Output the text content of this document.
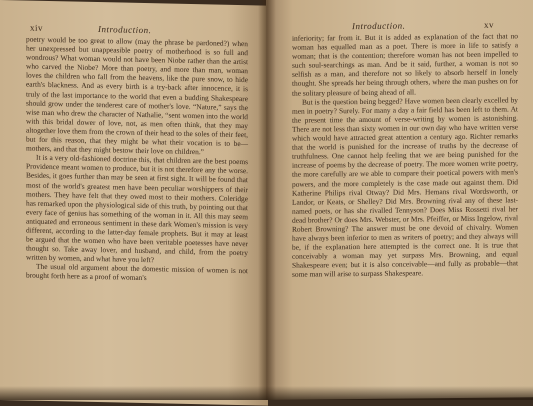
xiv	Introduction.

poetry would be too great to allow (may the phrase be pardoned?) when her unexpressed but unappeasible poetry of motherhood is so full and wondrous? What woman would not have been Niobe rather than the artist who carved the Niobe? More than poetry, and more than man, woman loves the children who fall from the heavens, like the pure snow, to hide earth's blackness. And as every birth is a try-back after innocence, it is truly of the last importance to the world that even a budding Shakespeare should grow under the tenderest care of mother's love. “Nature,” says the wise man who drew the character of Nathalie, “sent women into the world with this bridal dower of love, not, as men often think, that they may altogether love them from the crown of their head to the soles of their feet, but for this reason, that they might be what their vocation is to be—mothers, and that they might bestow their love on children.”

It is a very old-fashioned doctrine this, that children are the best poems Providence meant women to produce, but it is not therefore any the worse. Besides, it goes further than may be seen at first sight. It will be found that most of the world's greatest men have been peculiar worshippers of their mothers. They have felt that they owed most to their mothers. Coleridge has remarked upon the physiological side of this truth, by pointing out that every face of genius has something of the woman in it. All this may seem antiquated and erroneous sentiment in these dark Women's mission is very different, according to the latter-day female prophets. But it may at least be argued that the women who have been veritable poetesses have never thought so. Take away lover, and husband, and child, from the poetry written by women, and what have you left?

The usual old argument about the domestic mission of women is not brought forth here as a proof of woman's

Introduction.	xv

inferiority; far from it. But it is added as explanation of the fact that no woman has equalled man as a poet. There is more in life to satisfy a woman; that is the contention; therefore woman has not been impelled to such soul-searchings as man. And be it said, further, a woman is not so selfish as a man, and therefore not so likely to absorb herself in lonely thought. She spreads her being through others, where the man pushes on for the solitary pleasure of being ahead of all.

But is the question being begged? Have women been clearly excelled by men in poetry? Surely. For many a day a fair field has been left to them. At the present time the amount of verse-writing by women is astonishing. There are not less than sixty women in our own day who have written verse which would have attracted great attention a century ago. Richter remarks that the world is punished for the increase of truths by the decrease of truthfulness. One cannot help feeling that we are being punished for the increase of poems by the decrease of poetry. The more women write poetry, the more carefully are we able to compare their poetical powers with men's powers, and the more completely is the case made out against them. Did Katherine Philips rival Otway? Did Mrs. Hemans rival Wordsworth, or Landor, or Keats, or Shelley? Did Mrs. Browning rival any of these last-named poets, or has she rivalled Tennyson? Does Miss Rossetti rival her dead brother? Or does Mrs. Webster, or Mrs. Pfeiffer, or Miss Ingelow, rival Robert Browning? The answer must be one devoid of chivalry. Women have always been inferior to men as writers of poetry; and they always will be, if the explanation here attempted is the correct one. It is true that conceivably a woman may yet surpass Mrs. Browning, and equal Shakespeare even; but it is also conceivable—and fully as probable—that some man will arise to surpass Shakespeare.
